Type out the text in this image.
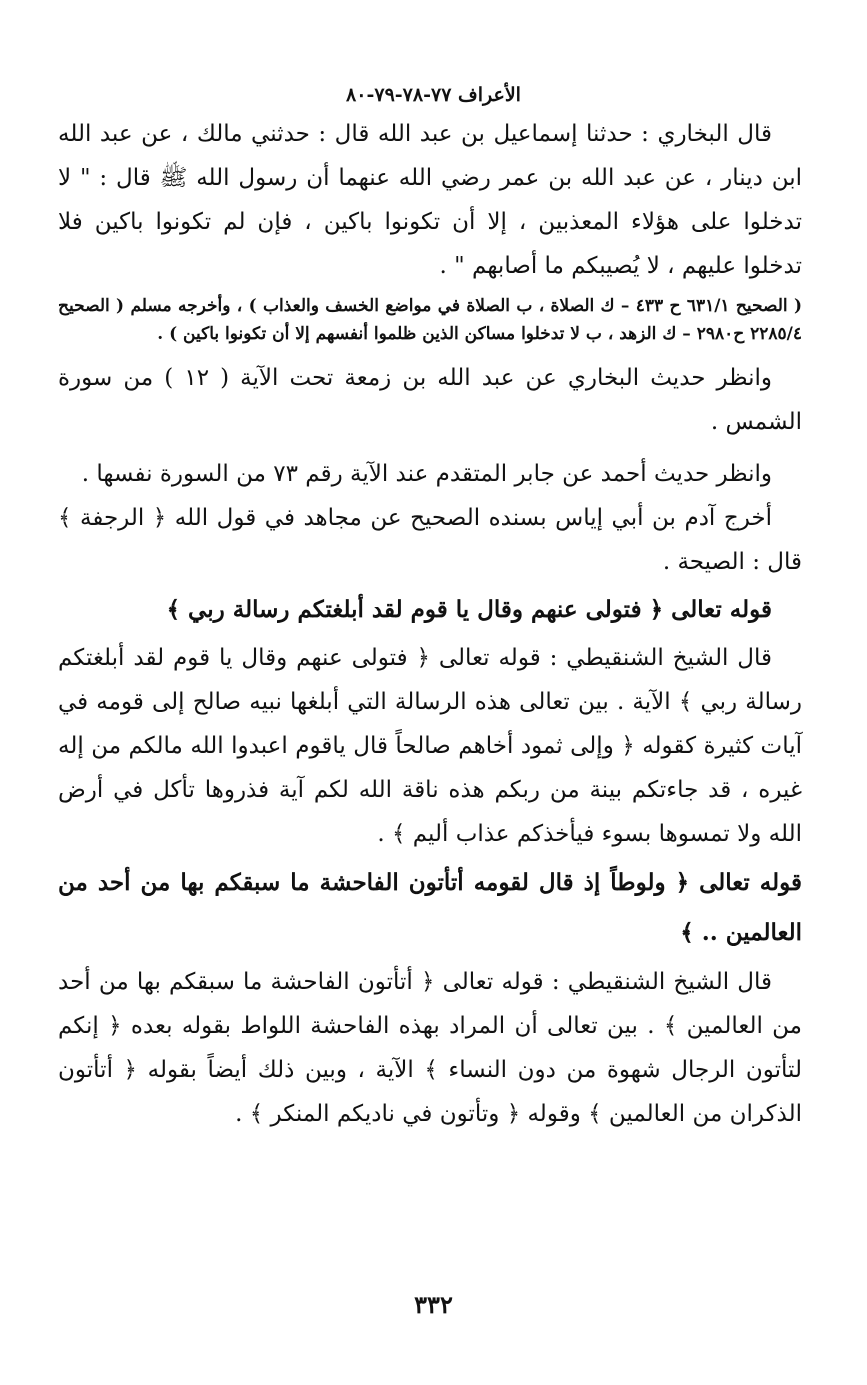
الأعراف ٧٧-٧٨-٧٩-٨٠

قال البخاري : حدثنا إسماعيل بن عبد الله قال : حدثني مالك ، عن عبد الله ابن دينار ، عن عبد الله بن عمر رضي الله عنهما أن رسول الله ﷺ قال : " لا تدخلوا على هؤلاء المعذبين ، إلا أن تكونوا باكين ، فإن لم تكونوا باكين فلا تدخلوا عليهم ، لا يُصيبكم ما أصابهم " .

( الصحيح ٦٣١/١ ح ٤٣٣ – ك الصلاة ، ب الصلاة في مواضع الخسف والعذاب ) ، وأخرجه مسلم ( الصحيح ٢٢٨٥/٤ ح٢٩٨٠ – ك الزهد ، ب لا تدخلوا مساكن الذين ظلموا أنفسهم إلا أن تكونوا باكين ) .

وانظر حديث البخاري عن عبد الله بن زمعة تحت الآية ( ١٢ ) من سورة الشمس .

وانظر حديث أحمد عن جابر المتقدم عند الآية رقم ٧٣ من السورة نفسها .

أخرج آدم بن أبي إياس بسنده الصحيح عن مجاهد في قول الله ﴿ الرجفة ﴾ قال : الصيحة .

قوله تعالى ﴿ فتولى عنهم وقال يا قوم لقد أبلغتكم رسالة ربي ﴾

قال الشيخ الشنقيطي : قوله تعالى ﴿ فتولى عنهم وقال يا قوم لقد أبلغتكم رسالة ربي ﴾ الآية . بين تعالى هذه الرسالة التي أبلغها نبيه صالح إلى قومه في آيات كثيرة كقوله ﴿ وإلى ثمود أخاهم صالحاً قال ياقوم اعبدوا الله مالكم من إله غيره ، قد جاءتكم بينة من ربكم هذه ناقة الله لكم آية فذروها تأكل في أرض الله ولا تمسوها بسوء فيأخذكم عذاب أليم ﴾ .

قوله تعالى ﴿ ولوطاً إذ قال لقومه أتأتون الفاحشة ما سبقكم بها من أحد من العالمين .. ﴾

قال الشيخ الشنقيطي : قوله تعالى ﴿ أتأتون الفاحشة ما سبقكم بها من أحد من العالمين ﴾ . بين تعالى أن المراد بهذه الفاحشة اللواط بقوله بعده ﴿ إنكم لتأتون الرجال شهوة من دون النساء ﴾ الآية ، وبين ذلك أيضاً بقوله ﴿ أتأتون الذكران من العالمين ﴾ وقوله ﴿ وتأتون في ناديكم المنكر ﴾ .

٣٣٢
